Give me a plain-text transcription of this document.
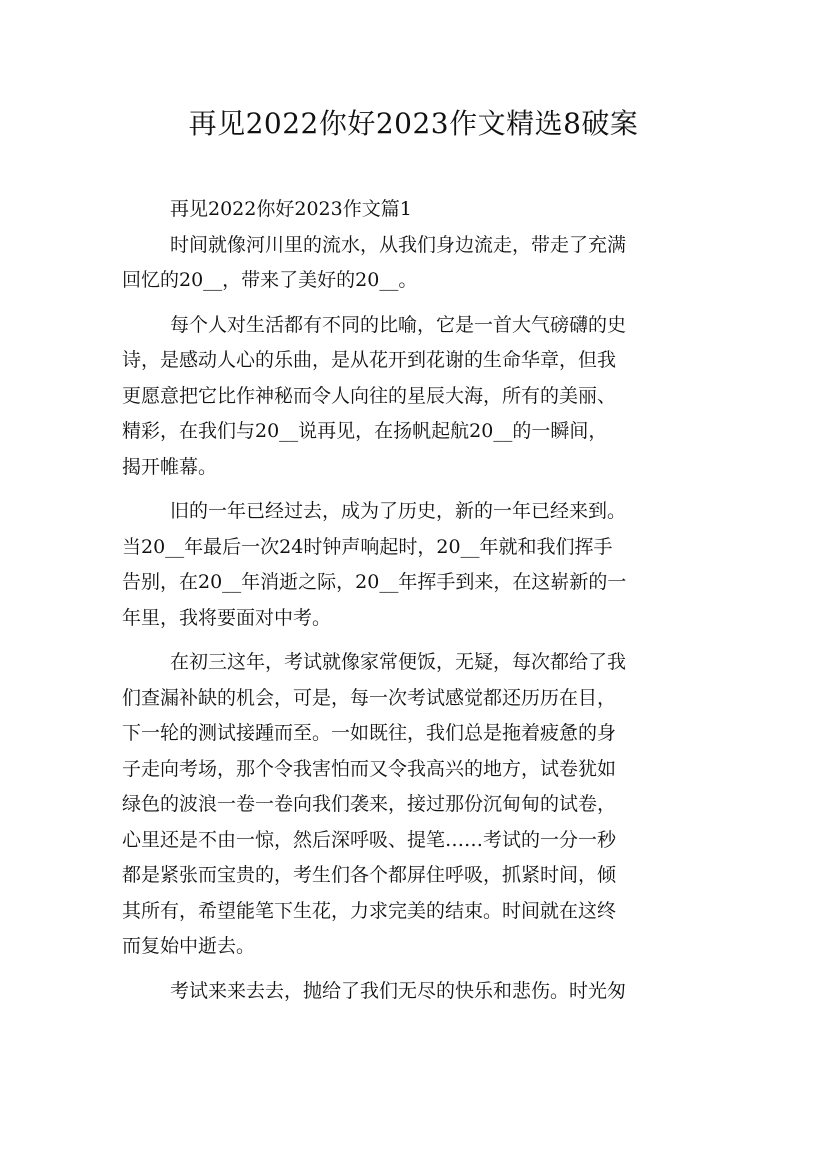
再见2022你好2023作文精选8破案
再见2022你好2023作文篇1
时间就像河川里的流水，从我们身边流走，带走了充满
回忆的20__，带来了美好的20__。
每个人对生活都有不同的比喻，它是一首大气磅礴的史
诗，是感动人心的乐曲，是从花开到花谢的生命华章，但我
更愿意把它比作神秘而令人向往的星辰大海，所有的美丽、
精彩，在我们与20__说再见，在扬帆起航20__的一瞬间，
揭开帷幕。
旧的一年已经过去，成为了历史，新的一年已经来到。
当20__年最后一次24时钟声响起时，20__年就和我们挥手
告别，在20__年消逝之际，20__年挥手到来，在这崭新的一
年里，我将要面对中考。
在初三这年，考试就像家常便饭，无疑，每次都给了我
们查漏补缺的机会，可是，每一次考试感觉都还历历在目，
下一轮的测试接踵而至。一如既往，我们总是拖着疲惫的身
子走向考场，那个令我害怕而又令我高兴的地方，试卷犹如
绿色的波浪一卷一卷向我们袭来，接过那份沉甸甸的试卷，
心里还是不由一惊，然后深呼吸、提笔……考试的一分一秒
都是紧张而宝贵的，考生们各个都屏住呼吸，抓紧时间，倾
其所有，希望能笔下生花，力求完美的结束。时间就在这终
而复始中逝去。
考试来来去去，抛给了我们无尽的快乐和悲伤。时光匆
